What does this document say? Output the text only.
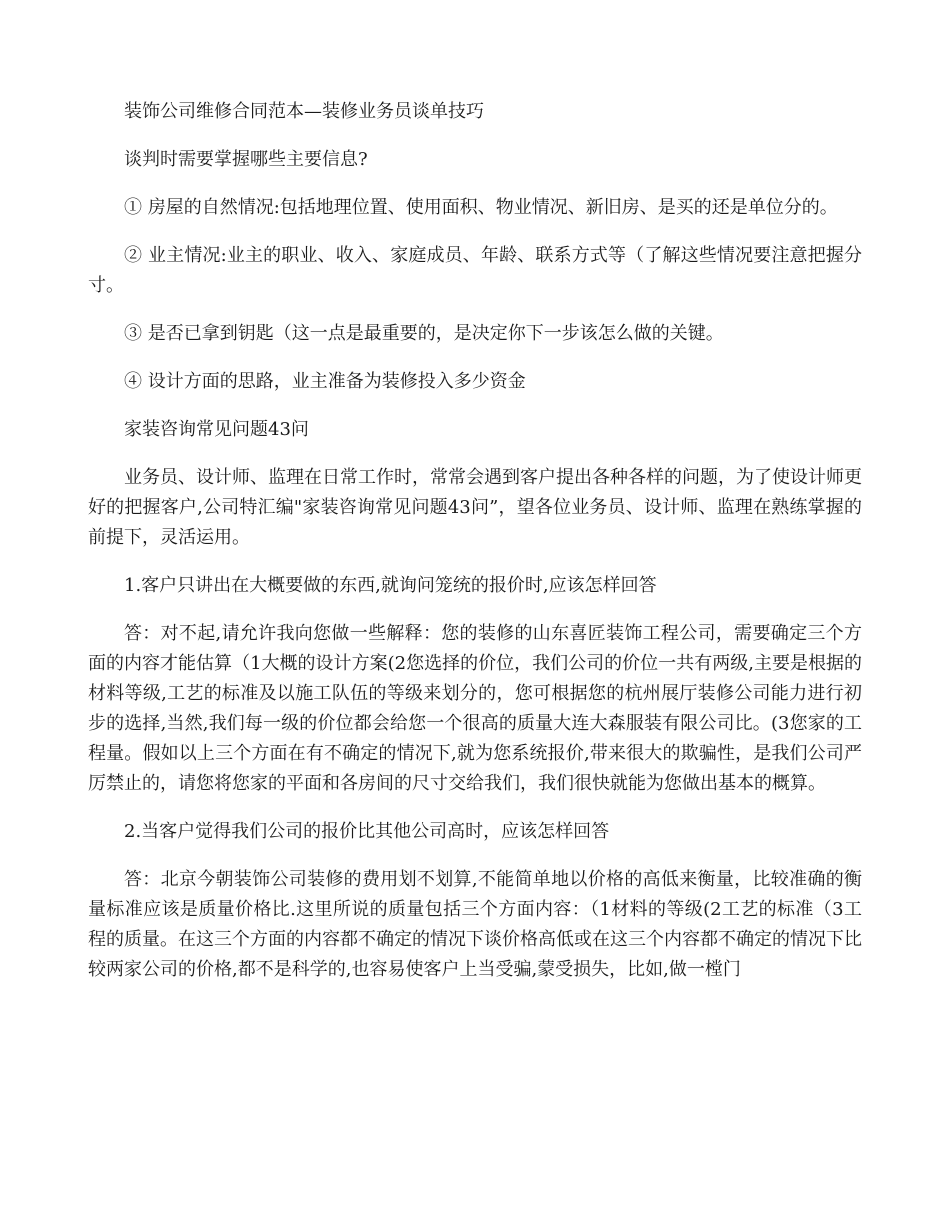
装饰公司维修合同范本—装修业务员谈单技巧

谈判时需要掌握哪些主要信息?

① 房屋的自然情况:包括地理位置、使用面积、物业情况、新旧房、是买的还是单位分的。

② 业主情况:业主的职业、收入、家庭成员、年龄、联系方式等（了解这些情况要注意把握分寸。

③ 是否已拿到钥匙（这一点是最重要的，是决定你下一步该怎么做的关键。

④ 设计方面的思路，业主准备为装修投入多少资金

家装咨询常见问题43问

业务员、设计师、监理在日常工作时，常常会遇到客户提出各种各样的问题，为了使设计师更好的把握客户,公司特汇编"家装咨询常见问题43问”，望各位业务员、设计师、监理在熟练掌握的前提下，灵活运用。

1.客户只讲出在大概要做的东西,就询问笼统的报价时,应该怎样回答

答：对不起,请允许我向您做一些解释：您的装修的山东喜匠装饰工程公司，需要确定三个方面的内容才能估算（1大概的设计方案(2您选择的价位，我们公司的价位一共有两级,主要是根据的材料等级,工艺的标准及以施工队伍的等级来划分的，您可根据您的杭州展厅装修公司能力进行初步的选择,当然,我们每一级的价位都会给您一个很高的质量大连大森服装有限公司比。(3您家的工程量。假如以上三个方面在有不确定的情况下,就为您系统报价,带来很大的欺骗性，是我们公司严厉禁止的，请您将您家的平面和各房间的尺寸交给我们，我们很快就能为您做出基本的概算。

2.当客户觉得我们公司的报价比其他公司高时，应该怎样回答

答：北京今朝装饰公司装修的费用划不划算,不能简单地以价格的高低来衡量，比较准确的衡量标准应该是质量价格比.这里所说的质量包括三个方面内容：（1材料的等级(2工艺的标准（3工程的质量。在这三个方面的内容都不确定的情况下谈价格高低或在这三个内容都不确定的情况下比较两家公司的价格,都不是科学的,也容易使客户上当受骗,蒙受损失，比如,做一樘门
